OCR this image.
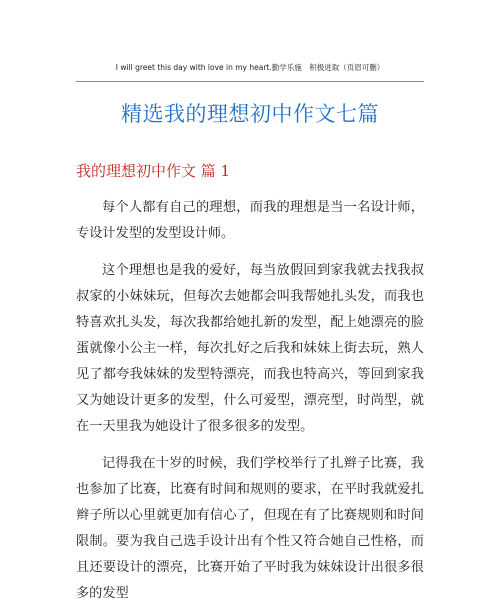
I will greet this day with love in my heart.勤学乐施　积极进取（页眉可删）
精选我的理想初中作文七篇
我的理想初中作文 篇 1

每个人都有自己的理想，而我的理想是当一名设计师，专设计发型的发型设计师。

这个理想也是我的爱好，每当放假回到家我就去找我叔叔家的小妹妹玩，但每次去她都会叫我帮她扎头发，而我也特喜欢扎头发，每次我都给她扎新的发型，配上她漂亮的脸蛋就像小公主一样，每次扎好之后我和妹妹上街去玩，熟人见了都夸我妹妹的发型特漂亮，而我也特高兴，等回到家我又为她设计更多的发型，什么可爱型，漂亮型，时尚型，就在一天里我为她设计了很多很多的发型。

记得我在十岁的时候，我们学校举行了扎辫子比赛，我也参加了比赛，比赛有时间和规则的要求，在平时我就爱扎辫子所以心里就更加有信心了，但现在有了比赛规则和时间限制。要为我自己选手设计出有个性又符合她自己性格，而且还要设计的漂亮，比赛开始了平时我为妹妹设计出很多很多的发型
